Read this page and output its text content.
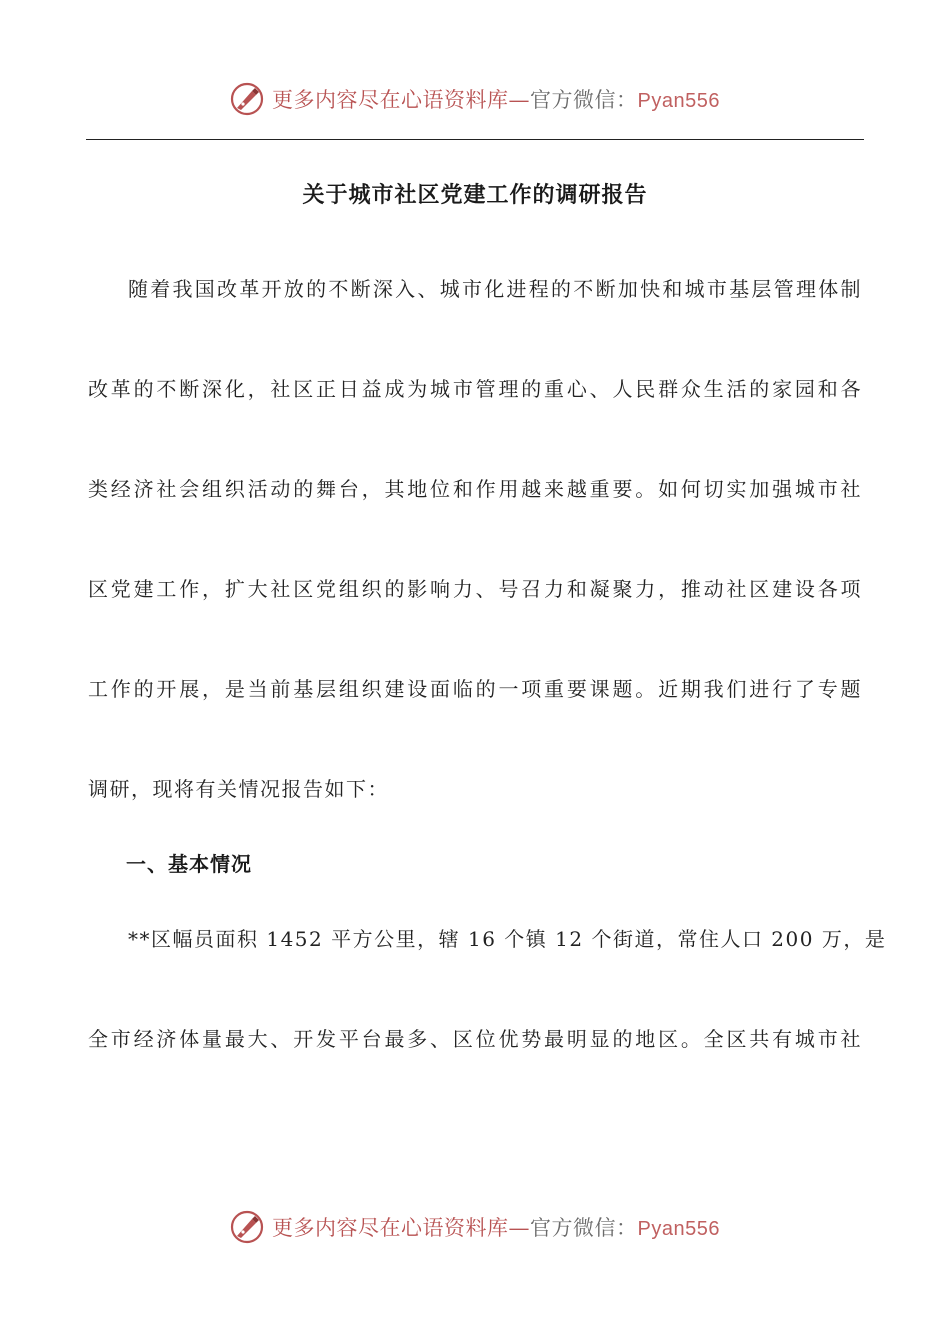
更多内容尽在心语资料库—官方微信：Pyan556
关于城市社区党建工作的调研报告
随着我国改革开放的不断深入、城市化进程的不断加快和城市基层管理体制
改革的不断深化，社区正日益成为城市管理的重心、人民群众生活的家园和各
类经济社会组织活动的舞台，其地位和作用越来越重要。如何切实加强城市社
区党建工作，扩大社区党组织的影响力、号召力和凝聚力，推动社区建设各项
工作的开展，是当前基层组织建设面临的一项重要课题。近期我们进行了专题
调研，现将有关情况报告如下：
一、基本情况
**区幅员面积 1452 平方公里，辖 16 个镇 12 个街道，常住人口 200 万，是
全市经济体量最大、开发平台最多、区位优势最明显的地区。全区共有城市社
更多内容尽在心语资料库—官方微信：Pyan556
